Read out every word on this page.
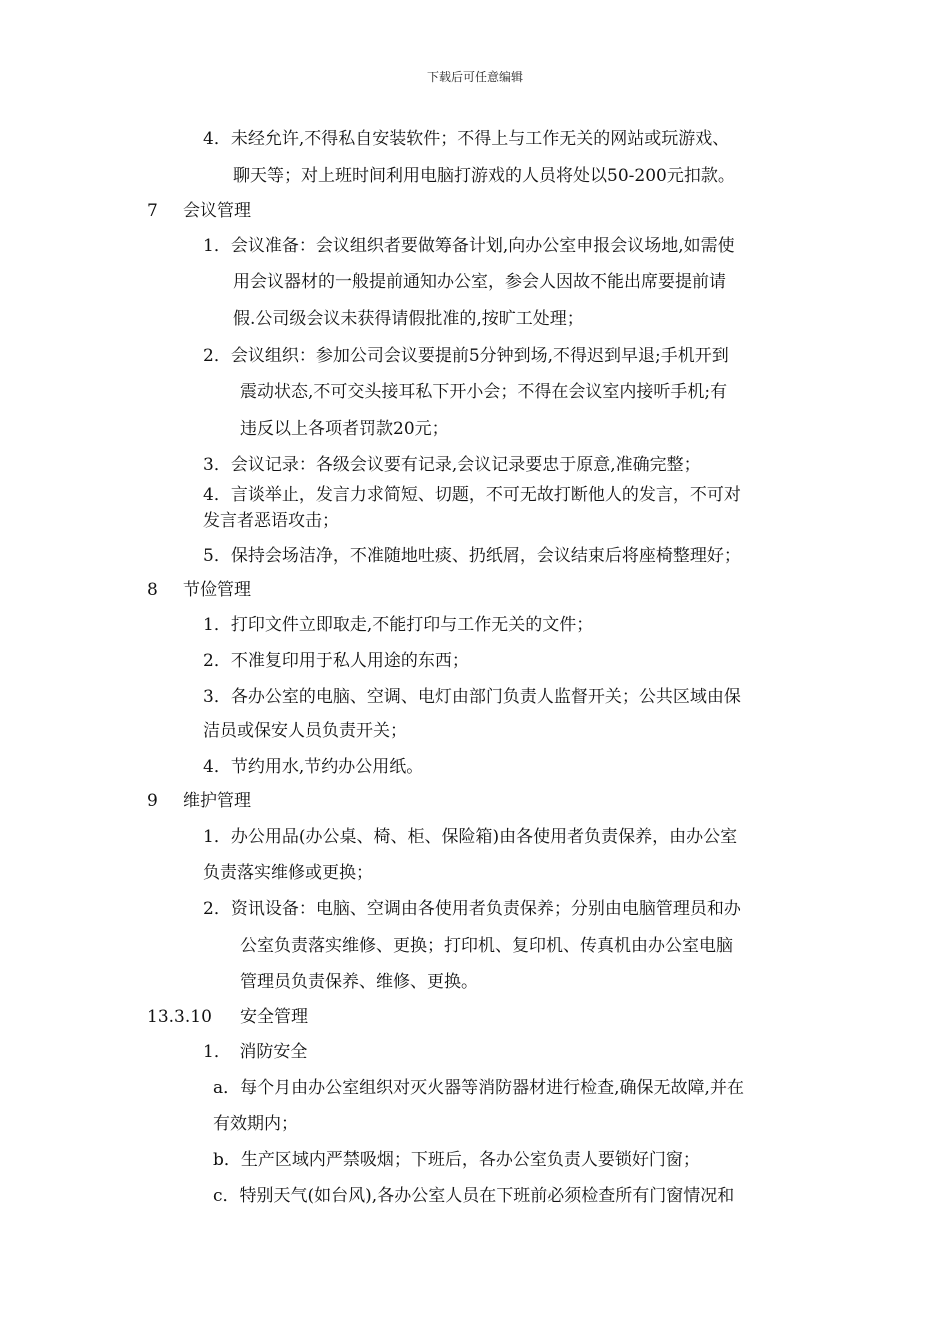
下载后可任意编辑
7 会议管理
8 节俭管理
9 维护管理
13.3.10 安全管理
4．未经允许,不得私自安装软件；不得上与工作无关的网站或玩游戏、
聊天等；对上班时间利用电脑打游戏的人员将处以50-200元扣款。
1．会议准备：会议组织者要做筹备计划,向办公室申报会议场地,如需使
用会议器材的一般提前通知办公室，参会人因故不能出席要提前请
假.公司级会议未获得请假批准的,按旷工处理；
2．会议组织：参加公司会议要提前5分钟到场,不得迟到早退;手机开到
震动状态,不可交头接耳私下开小会；不得在会议室内接听手机;有
违反以上各项者罚款20元；
3．会议记录：各级会议要有记录,会议记录要忠于原意,准确完整；
4．言谈举止，发言力求简短、切题，不可无故打断他人的发言，不可对
发言者恶语攻击；
5．保持会场洁净，不准随地吐痰、扔纸屑，会议结束后将座椅整理好；
1．打印文件立即取走,不能打印与工作无关的文件；
2．不准复印用于私人用途的东西；
3．各办公室的电脑、空调、电灯由部门负责人监督开关；公共区域由保
洁员或保安人员负责开关；
4．节约用水,节约办公用纸。
1．办公用品(办公桌、椅、柜、保险箱)由各使用者负责保养，由办公室
负责落实维修或更换；
2．资讯设备：电脑、空调由各使用者负责保养；分别由电脑管理员和办
公室负责落实维修、更换；打印机、复印机、传真机由办公室电脑
管理员负责保养、维修、更换。
1．　消防安全
a．每个月由办公室组织对灭火器等消防器材进行检查,确保无故障,并在
有效期内；
b．生产区域内严禁吸烟；下班后，各办公室负责人要锁好门窗；
c．特别天气(如台风),各办公室人员在下班前必须检查所有门窗情况和
